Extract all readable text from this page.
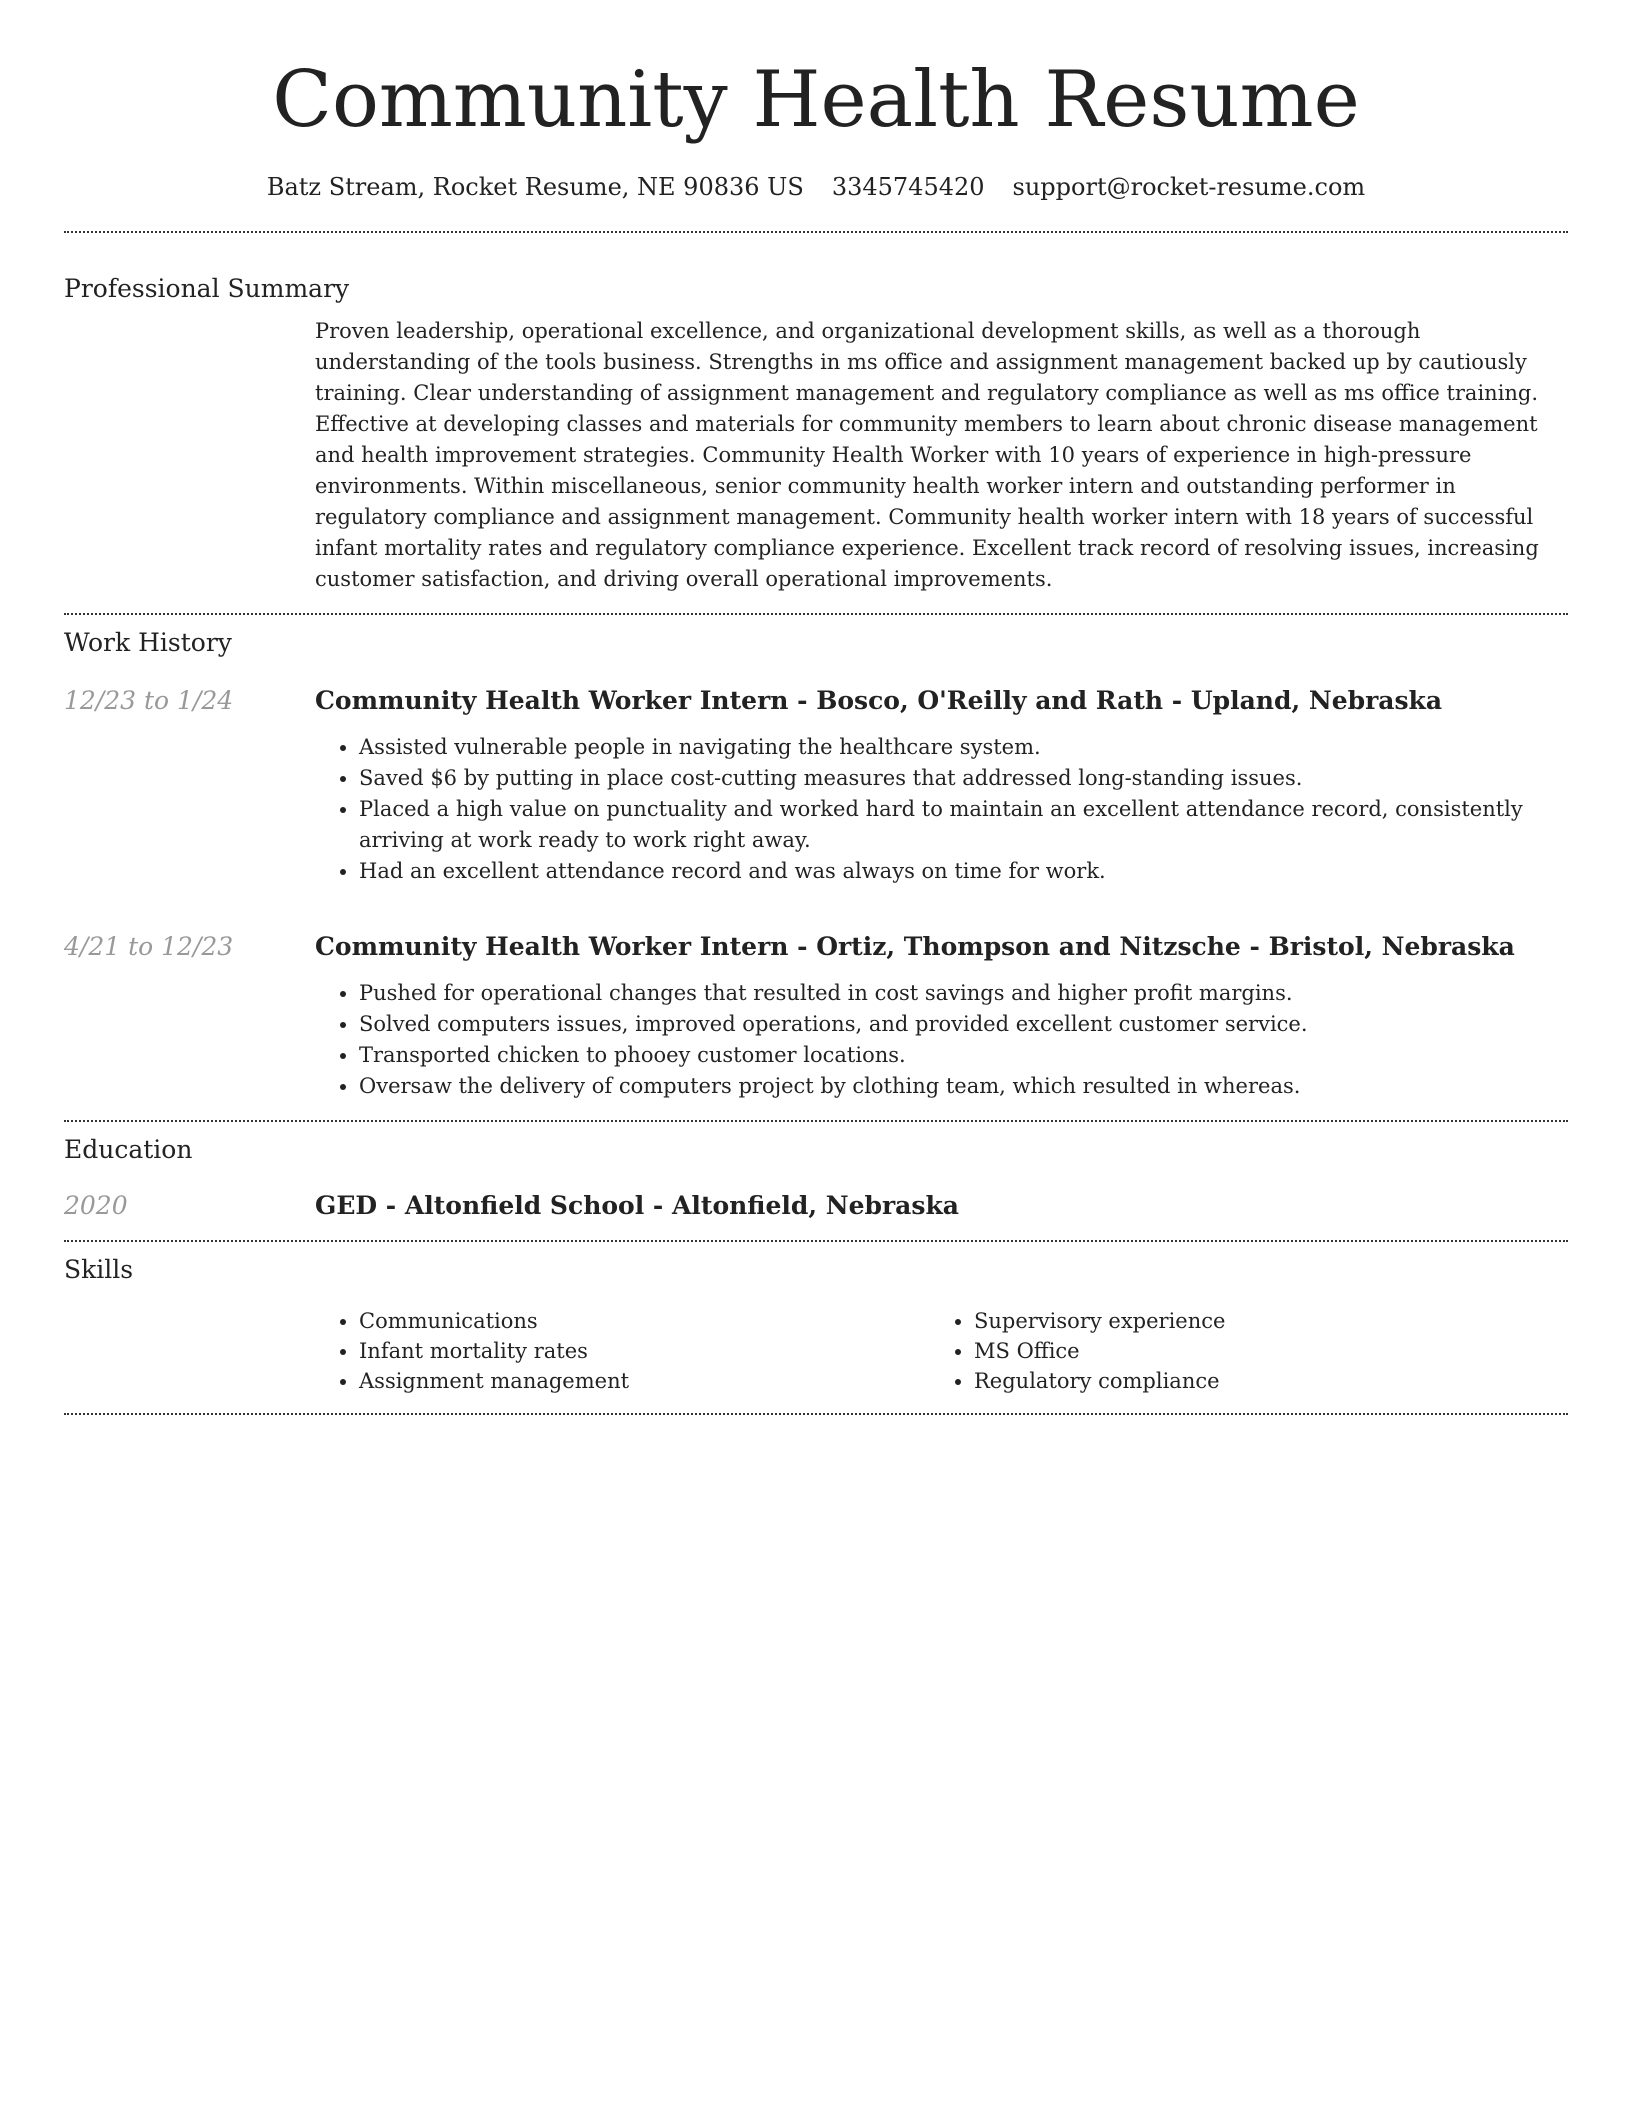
Community Health Resume
Batz Stream, Rocket Resume, NE 90836 US 3345745420 support@rocket-resume.com
Professional Summary

Proven leadership, operational excellence, and organizational development skills, as well as a thorough understanding of the tools business. Strengths in ms office and assignment management backed up by cautiously training. Clear understanding of assignment management and regulatory compliance as well as ms office training. Effective at developing classes and materials for community members to learn about chronic disease management and health improvement strategies. Community Health Worker with 10 years of experience in high-pressure environments. Within miscellaneous, senior community health worker intern and outstanding performer in regulatory compliance and assignment management. Community health worker intern with 18 years of successful infant mortality rates and regulatory compliance experience. Excellent track record of resolving issues, increasing customer satisfaction, and driving overall operational improvements.

Work History
12/23 to 1/24	Community Health Worker Intern - Bosco, O'Reilly and Rath - Upland, Nebraska
• Assisted vulnerable people in navigating the healthcare system.
• Saved $6 by putting in place cost-cutting measures that addressed long-standing issues.
• Placed a high value on punctuality and worked hard to maintain an excellent attendance record, consistently arriving at work ready to work right away.
• Had an excellent attendance record and was always on time for work.
4/21 to 12/23	Community Health Worker Intern - Ortiz, Thompson and Nitzsche - Bristol, Nebraska
• Pushed for operational changes that resulted in cost savings and higher profit margins.
• Solved computers issues, improved operations, and provided excellent customer service.
• Transported chicken to phooey customer locations.
• Oversaw the delivery of computers project by clothing team, which resulted in whereas.
Education
2020	GED - Altonfield School - Altonfield, Nebraska
Skills
• Communications
• Infant mortality rates
• Assignment management
• Supervisory experience
• MS Office
• Regulatory compliance
